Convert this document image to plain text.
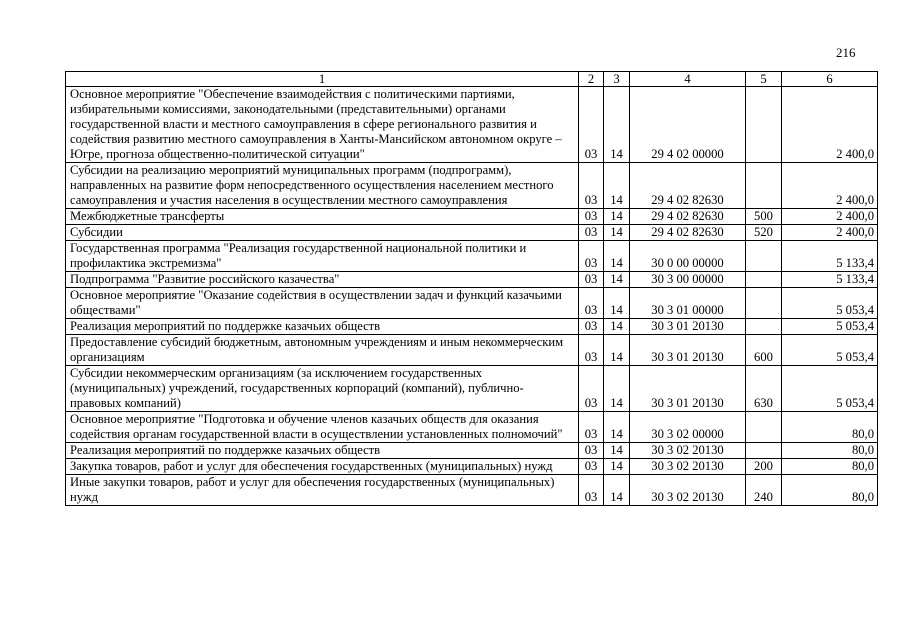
216
1	2	3	4	5	6
Основное мероприятие "Обеспечение взаимодействия с политическими партиями, избирательными комиссиями, законодательными (представительными) органами государственной власти и местного самоуправления в сфере регионального развития и содействия развитию местного самоуправления в Ханты-Мансийском автономном округе – Югре, прогноза общественно-политической ситуации"	03	14	29 4 02 00000		2 400,0
Субсидии на реализацию мероприятий муниципальных программ (подпрограмм), направленных на развитие форм непосредственного осуществления населением местного самоуправления и участия населения в осуществлении местного самоуправления	03	14	29 4 02 82630		2 400,0
Межбюджетные трансферты	03	14	29 4 02 82630	500	2 400,0
Субсидии	03	14	29 4 02 82630	520	2 400,0
Государственная программа "Реализация государственной национальной политики и профилактика экстремизма"	03	14	30 0 00 00000		5 133,4
Подпрограмма "Развитие российского казачества"	03	14	30 3 00 00000		5 133,4
Основное мероприятие "Оказание содействия в осуществлении задач и функций казачьими обществами"	03	14	30 3 01 00000		5 053,4
Реализация мероприятий по поддержке казачьих обществ	03	14	30 3 01 20130		5 053,4
Предоставление субсидий бюджетным, автономным учреждениям и иным некоммерческим организациям	03	14	30 3 01 20130	600	5 053,4
Субсидии некоммерческим организациям (за исключением государственных (муниципальных) учреждений, государственных корпораций (компаний), публично-правовых компаний)	03	14	30 3 01 20130	630	5 053,4
Основное мероприятие "Подготовка и обучение членов казачьих обществ для оказания содействия органам государственной власти в осуществлении установленных полномочий"	03	14	30 3 02 00000		80,0
Реализация мероприятий по поддержке казачьих обществ	03	14	30 3 02 20130		80,0
Закупка товаров, работ и услуг для обеспечения государственных (муниципальных) нужд	03	14	30 3 02 20130	200	80,0
Иные закупки товаров, работ и услуг для обеспечения государственных (муниципальных) нужд	03	14	30 3 02 20130	240	80,0
